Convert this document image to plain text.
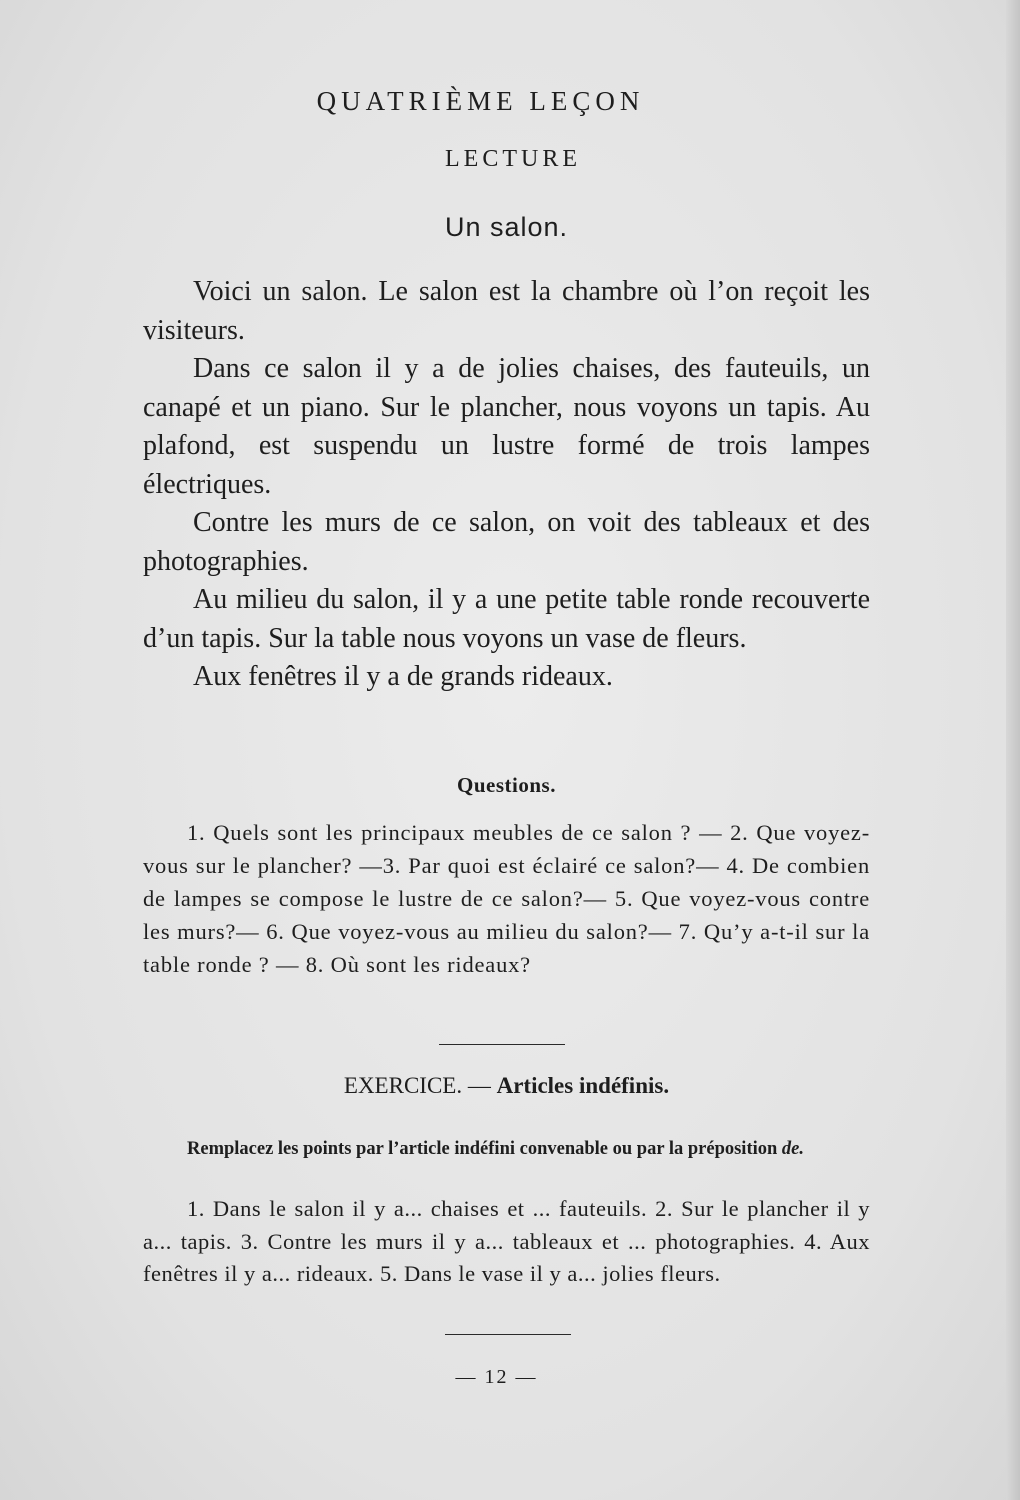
QUATRIÈME LEÇON
LECTURE
Un salon.

Voici un salon. Le salon est la chambre où l’on reçoit les visiteurs.

Dans ce salon il y a de jolies chaises, des fauteuils, un canapé et un piano. Sur le plancher, nous voyons un tapis. Au plafond, est suspendu un lustre formé de trois lampes électriques.

Contre les murs de ce salon, on voit des tableaux et des photographies.

Au milieu du salon, il y a une petite table ronde recouverte d’un tapis. Sur la table nous voyons un vase de fleurs.

Aux fenêtres il y a de grands rideaux.

Questions.

1. Quels sont les principaux meubles de ce salon ? — 2. Que voyez-vous sur le plancher? —3. Par quoi est éclairé ce salon?— 4. De combien de lampes se compose le lustre de ce salon?— 5. Que voyez-vous contre les murs?— 6. Que voyez-vous au milieu du salon?— 7. Qu’y a-t-il sur la table ronde ? — 8. Où sont les rideaux?

EXERCICE. — Articles indéfinis.

Remplacez les points par l’article indéfini convenable ou par la préposition de.

1. Dans le salon il y a... chaises et ... fauteuils. 2. Sur le plancher il y a... tapis. 3. Contre les murs il y a... tableaux et ... photographies. 4. Aux fenêtres il y a... rideaux. 5. Dans le vase il y a... jolies fleurs.

— 12 —
